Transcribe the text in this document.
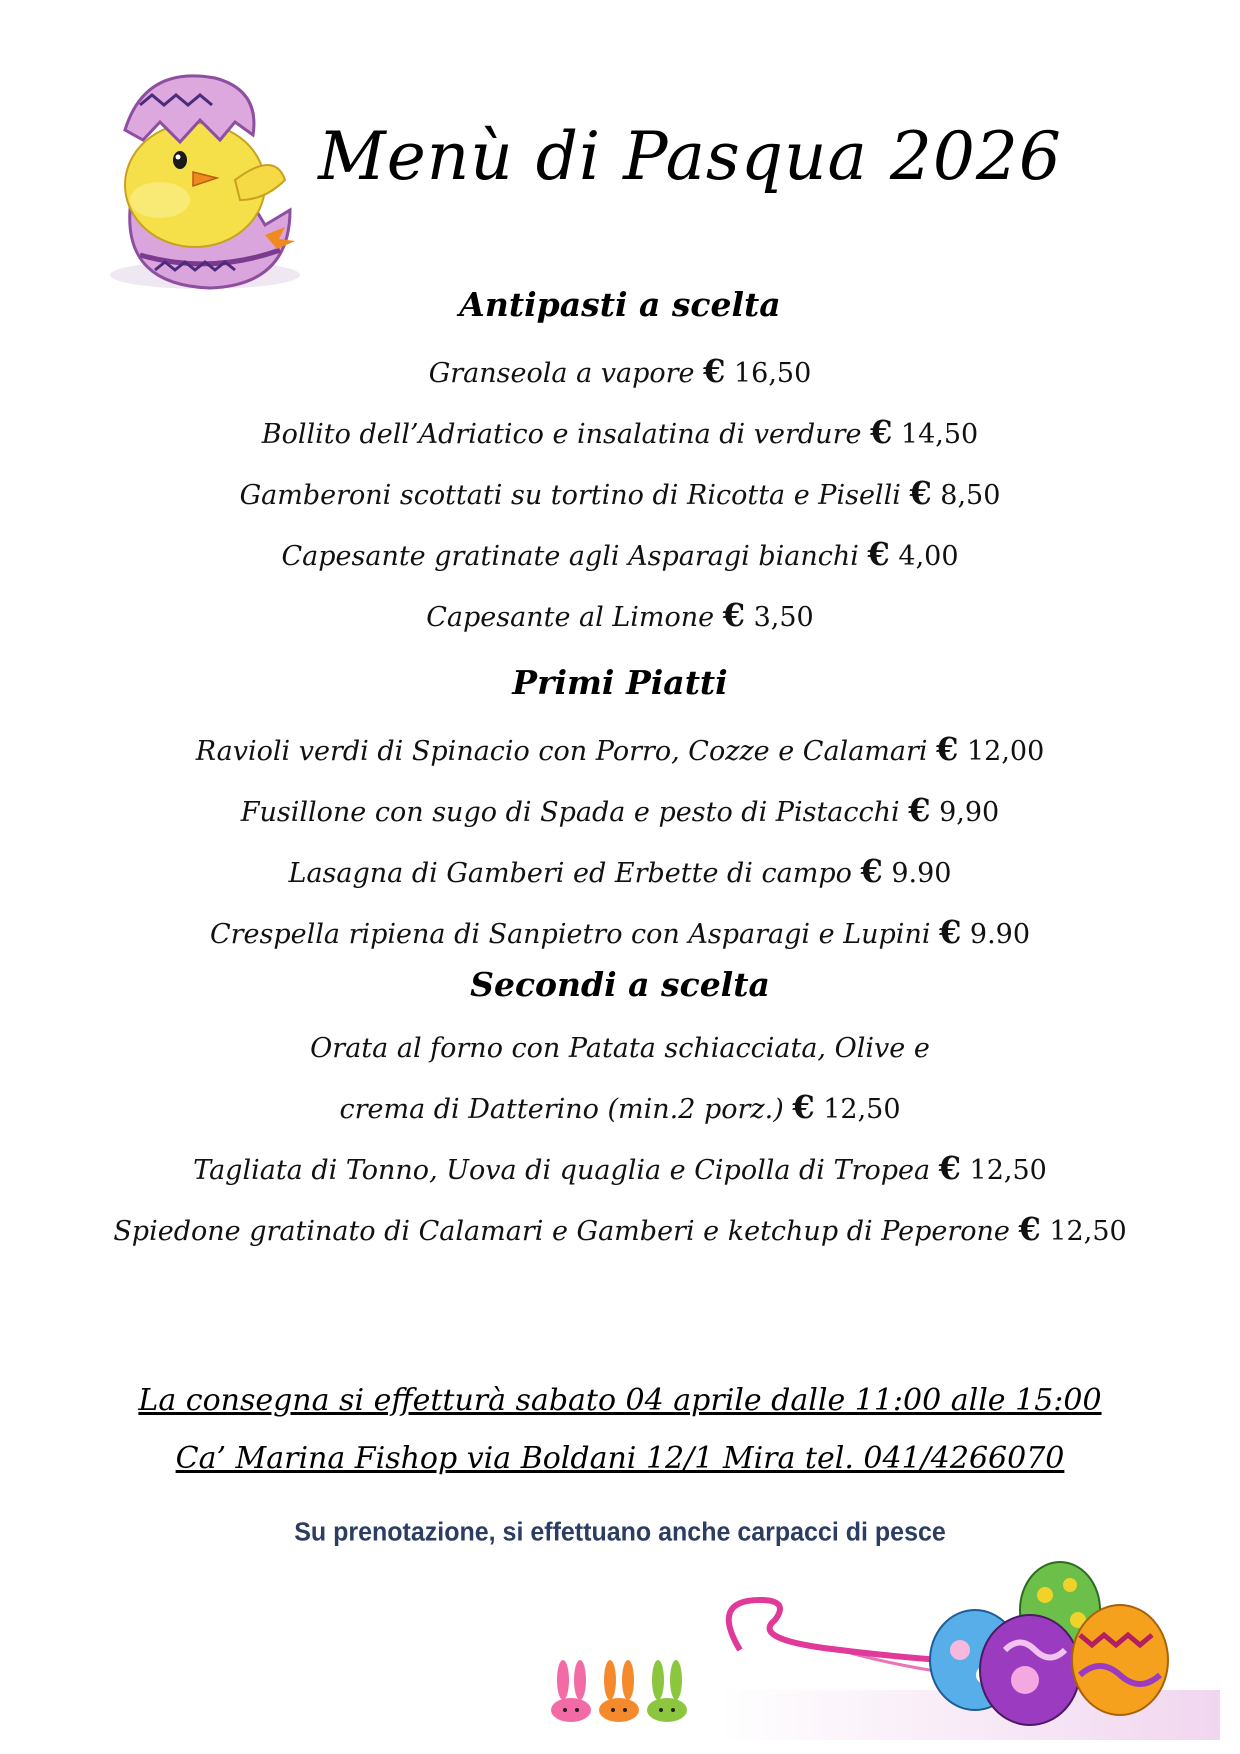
Menù di Pasqua 2026
Antipasti a scelta
Granseola a vapore € 16,50
Bollito dell’Adriatico e insalatina di verdure € 14,50
Gamberoni scottati su tortino di Ricotta e Piselli € 8,50
Capesante gratinate agli Asparagi bianchi € 4,00
Capesante al Limone € 3,50
Primi Piatti
Ravioli verdi di Spinacio con Porro, Cozze e Calamari € 12,00
Fusillone con sugo di Spada e pesto di Pistacchi € 9,90
Lasagna di Gamberi ed Erbette di campo € 9.90
Crespella ripiena di Sanpietro con Asparagi e Lupini € 9.90
Secondi a scelta
Orata al forno con Patata schiacciata, Olive e
crema di Datterino (min.2 porz.) € 12,50
Tagliata di Tonno, Uova di quaglia e Cipolla di Tropea € 12,50
Spiedone gratinato di Calamari e Gamberi e ketchup di Peperone € 12,50
La consegna si effetturà sabato 04 aprile dalle 11:00 alle 15:00
Ca’ Marina Fishop via Boldani 12/1 Mira tel. 041/4266070
Su prenotazione, si effettuano anche carpacci di pesce
